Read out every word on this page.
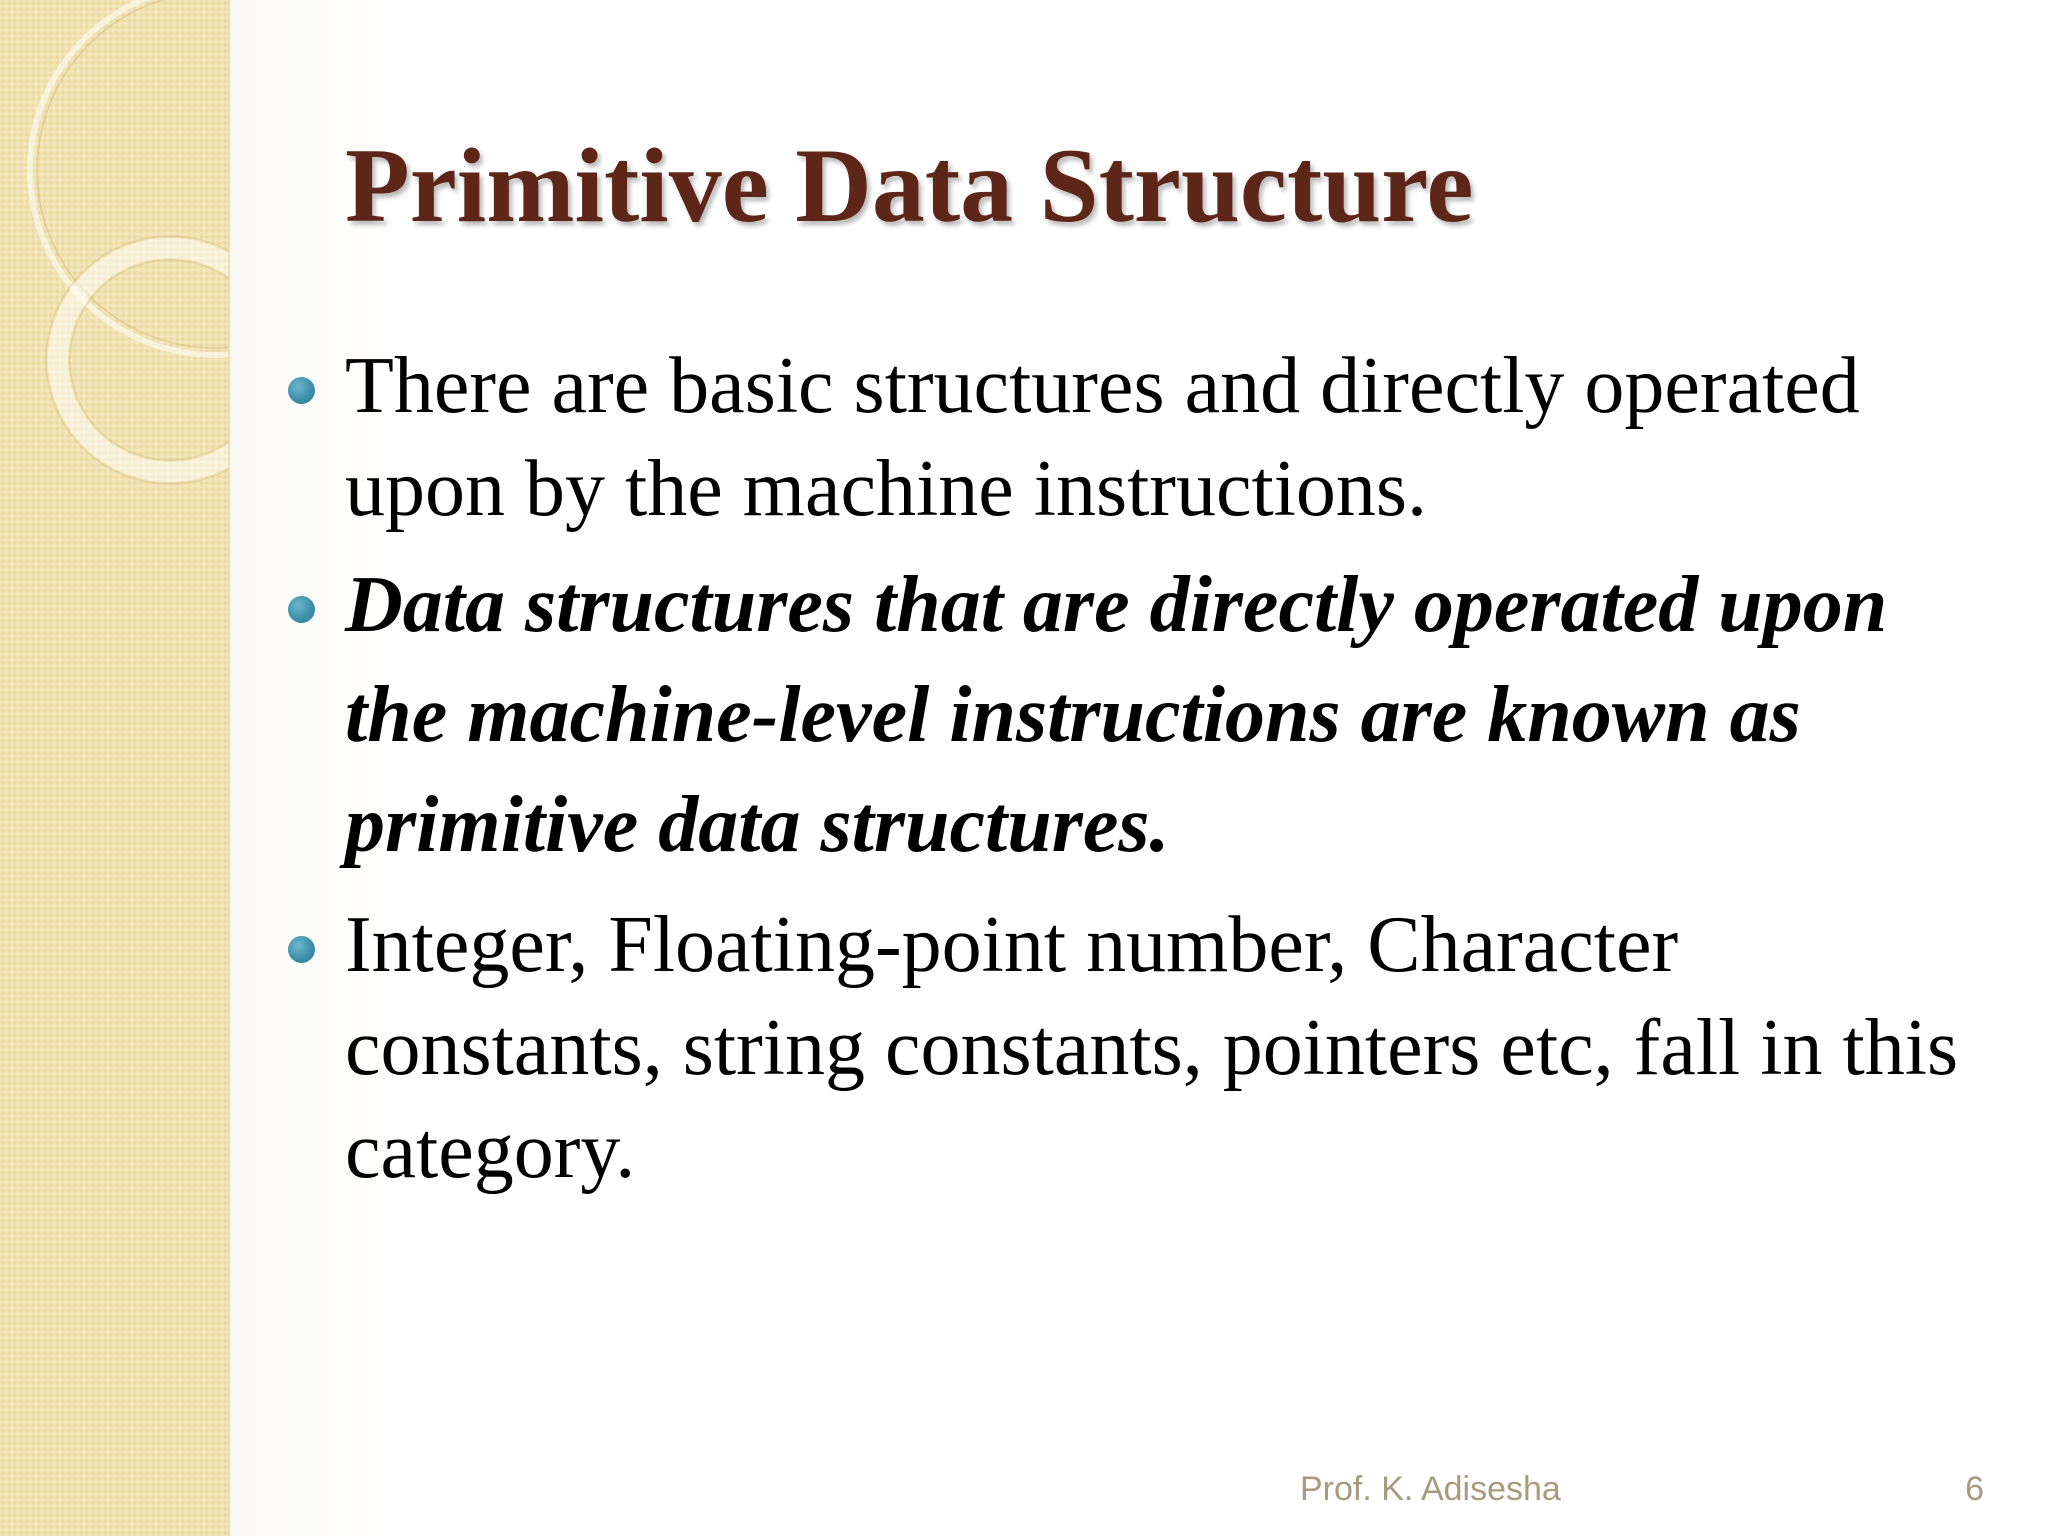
Primitive Data Structure
There are basic structures and directly operated upon by the machine instructions.
Data structures that are directly operated upon the machine-level instructions are known as primitive data structures.
Integer, Floating-point number, Character constants, string constants, pointers etc, fall in this category.
Prof. K. Adisesha	6
